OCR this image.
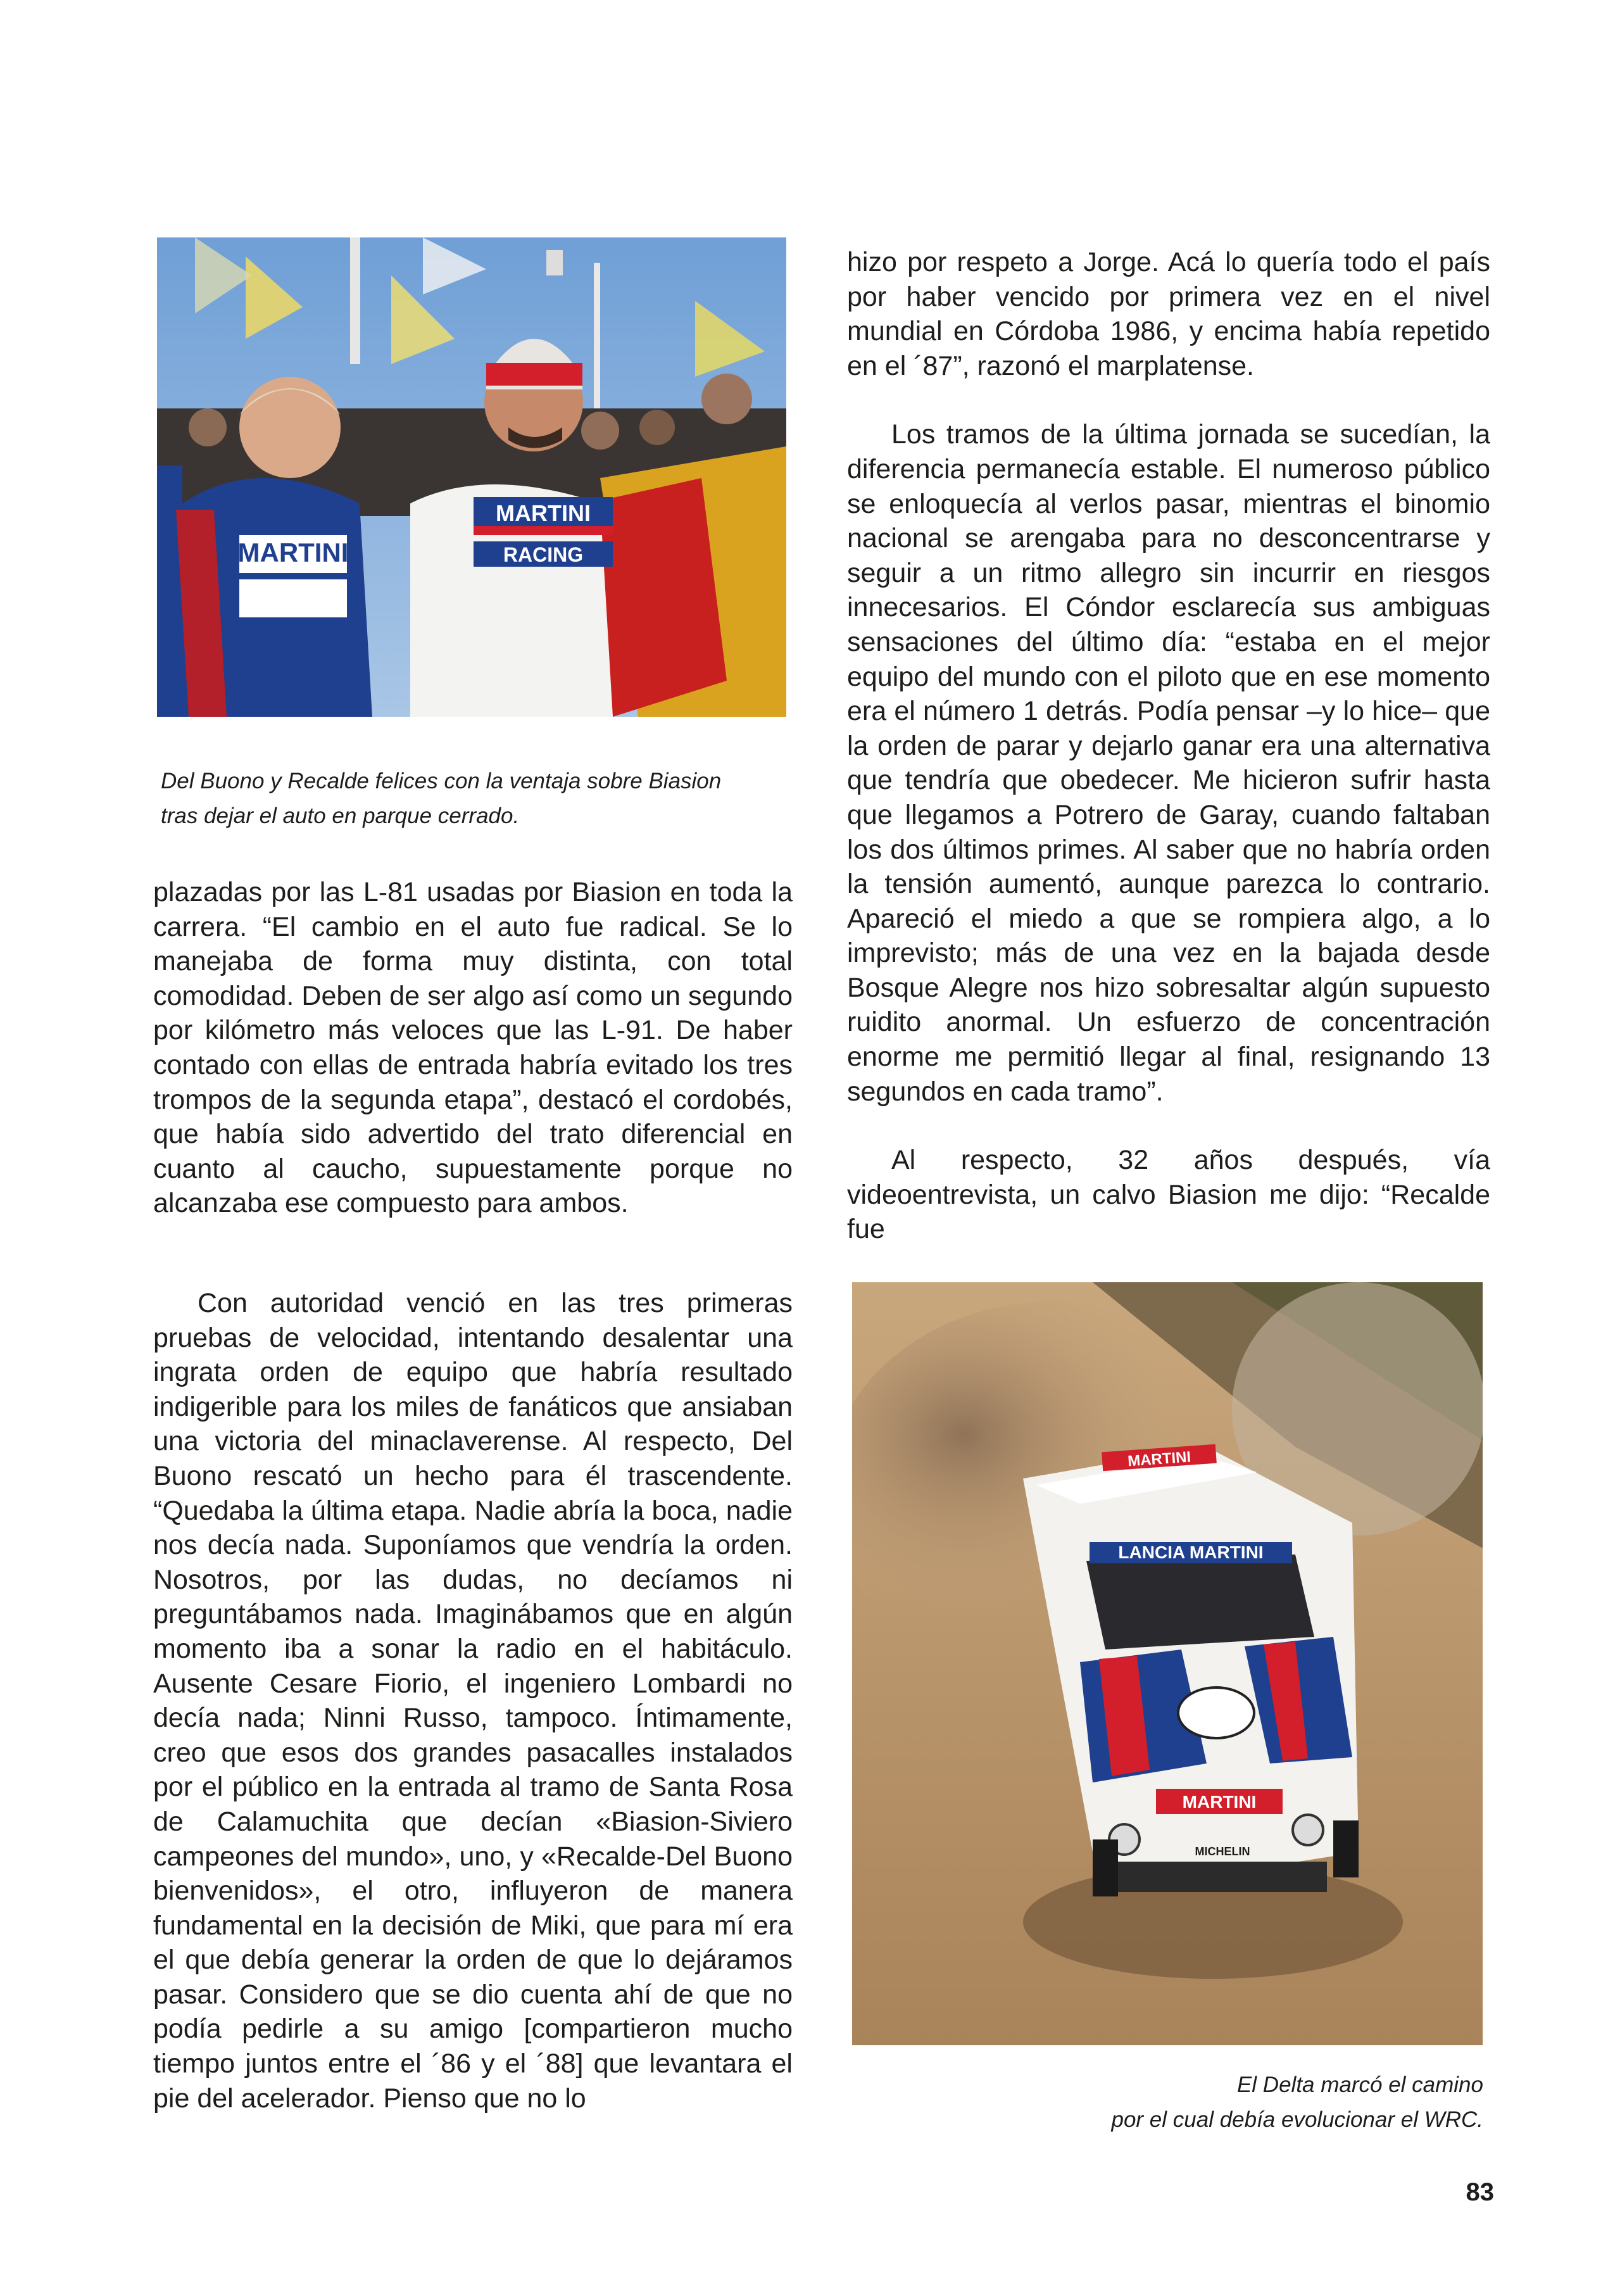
MARTINI
MARTINI
RACING
Del Buono y Recalde felices con la ventaja sobre Biasion
tras dejar el auto en parque cerrado.

plazadas por las L-81 usadas por Biasion en toda la carrera. “El cambio en el auto fue radical. Se lo manejaba de forma muy distinta, con total comodidad. Deben de ser algo así como un segundo por kilómetro más veloces que las L-91. De haber contado con ellas de entrada habría evitado los tres trompos de la segunda etapa”, destacó el cordobés, que había sido advertido del trato diferencial en cuanto al caucho, supuestamente porque no alcanzaba ese compuesto para ambos.

Con autoridad venció en las tres primeras pruebas de velocidad, intentando desalentar una ingrata orden de equipo que habría resultado indigerible para los miles de fanáticos que ansiaban una victoria del minaclaverense. Al respecto, Del Buono rescató un hecho para él trascendente. “Quedaba la última etapa. Nadie abría la boca, nadie nos decía nada. Suponíamos que vendría la orden. Nosotros, por las dudas, no decíamos ni preguntábamos nada. Imaginábamos que en algún momento iba a sonar la radio en el habitáculo. Ausente Cesare Fiorio, el ingeniero Lombardi no decía nada; Ninni Russo, tampoco. Íntimamente, creo que esos dos grandes pasacalles instalados por el público en la entrada al tramo de Santa Rosa de Calamuchita que decían «Biasion-Siviero campeones del mundo», uno, y «Recalde-Del Buono bienvenidos», el otro, influyeron de manera fundamental en la decisión de Miki, que para mí era el que debía generar la orden de que lo dejáramos pasar. Considero que se dio cuenta ahí de que no podía pedirle a su amigo [compartieron mucho tiempo juntos entre el ´86 y el ´88] que levantara el pie del acelerador. Pienso que no lo

hizo por respeto a Jorge. Acá lo quería todo el país por haber vencido por primera vez en el nivel mundial en Córdoba 1986, y encima había repetido en el ´87”, razonó el marplatense.

Los tramos de la última jornada se sucedían, la diferencia permanecía estable. El numeroso público se enloquecía al verlos pasar, mientras el binomio nacional se arengaba para no desconcentrarse y seguir a un ritmo allegro sin incurrir en riesgos innecesarios. El Cóndor esclarecía sus ambiguas sensaciones del último día: “estaba en el mejor equipo del mundo con el piloto que en ese momento era el número 1 detrás. Podía pensar –y lo hice– que la orden de parar y dejarlo ganar era una alternativa que tendría que obedecer. Me hicieron sufrir hasta que llegamos a Potrero de Garay, cuando faltaban los dos últimos primes. Al saber que no habría orden la tensión aumentó, aunque parezca lo contrario. Apareció el miedo a que se rompiera algo, a lo imprevisto; más de una vez en la bajada desde Bosque Alegre nos hizo sobresaltar algún supuesto ruidito anormal. Un esfuerzo de concentración enorme me permitió llegar al final, resignando 13 segundos en cada tramo”.

Al respecto, 32 años después, vía videoentrevista, un calvo Biasion me dijo: “Recalde fue

MARTINI
LANCIA MARTINI
MARTINI
MICHELIN
El Delta marcó el camino
por el cual debía evolucionar el WRC.
83
